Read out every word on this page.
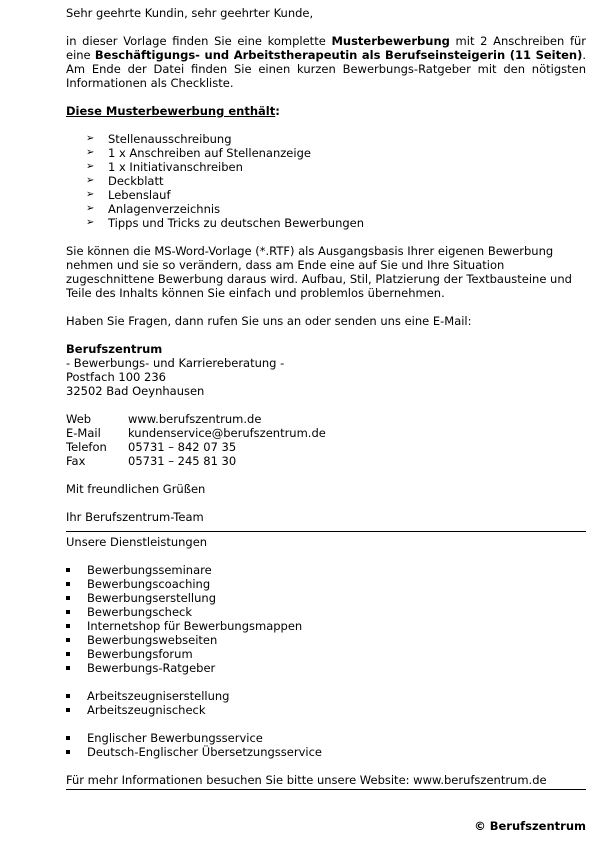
Sehr geehrte Kundin, sehr geehrter Kunde,

in dieser Vorlage finden Sie eine komplette Musterbewerbung mit 2 Anschreiben für eine Beschäftigungs- und Arbeitstherapeutin als Berufseinsteigerin (11 Seiten). Am Ende der Datei finden Sie einen kurzen Bewerbungs-Ratgeber mit den nötigsten Informationen als Checkliste.

Diese Musterbewerbung enthält:

➢ Stellenausschreibung
➢ 1 x Anschreiben auf Stellenanzeige
➢ 1 x Initiativanschreiben
➢ Deckblatt
➢ Lebenslauf
➢ Anlagenverzeichnis
➢ Tipps und Tricks zu deutschen Bewerbungen

Sie können die MS-Word-Vorlage (*.RTF) als Ausgangsbasis Ihrer eigenen Bewerbung nehmen und sie so verändern, dass am Ende eine auf Sie und Ihre Situation zugeschnittene Bewerbung daraus wird. Aufbau, Stil, Platzierung der Textbausteine und Teile des Inhalts können Sie einfach und problemlos übernehmen.

Haben Sie Fragen, dann rufen Sie uns an oder senden uns eine E-Mail:

Berufszentrum

- Bewerbungs- und Karriereberatung -

Postfach 100 236

32502 Bad Oeynhausen

Web	www.berufszentrum.de
E-Mail	kundenservice@berufszentrum.de
Telefon	05731 – 842 07 35
Fax	05731 – 245 81 30

Mit freundlichen Grüßen

Ihr Berufszentrum-Team

Unsere Dienstleistungen

Bewerbungsseminare
Bewerbungscoaching
Bewerbungserstellung
Bewerbungscheck
Internetshop für Bewerbungsmappen
Bewerbungswebseiten
Bewerbungsforum
Bewerbungs-Ratgeber
Arbeitszeugniserstellung
Arbeitszeugnischeck
Englischer Bewerbungsservice
Deutsch-Englischer Übersetzungsservice

Für mehr Informationen besuchen Sie bitte unsere Website: www.berufszentrum.de

© Berufszentrum
